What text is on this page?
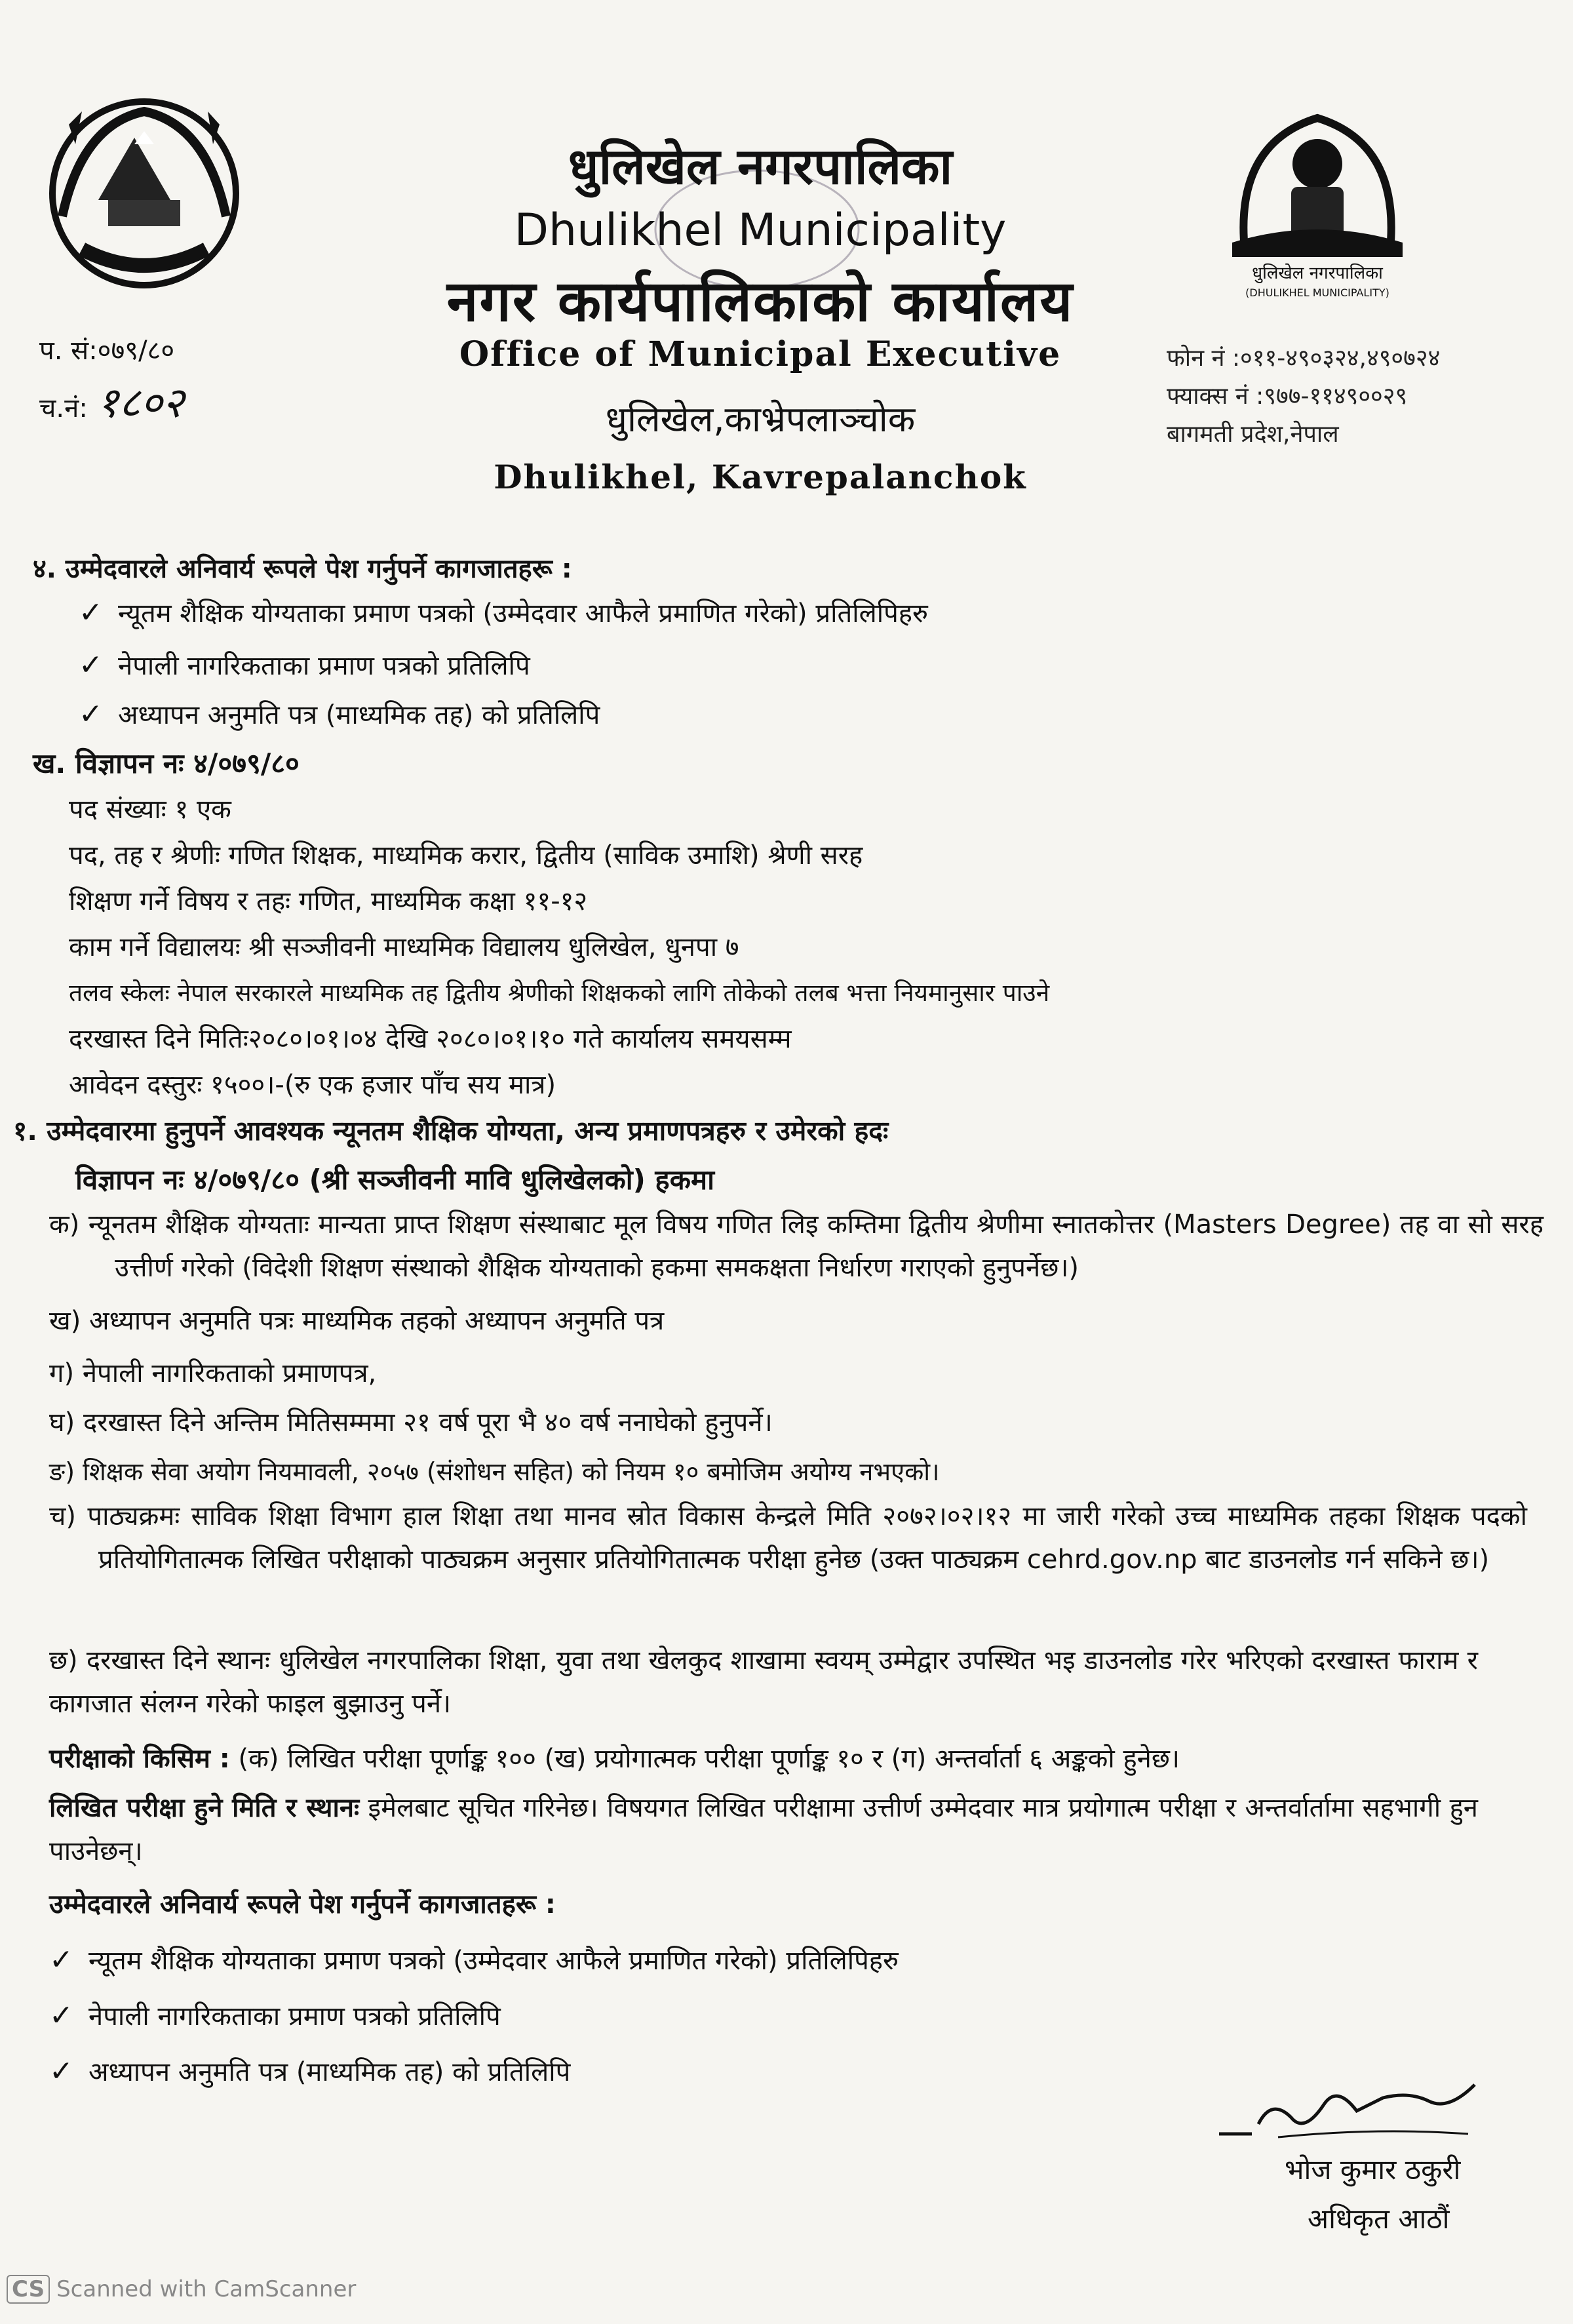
धुलिखेल नगरपालिका
(DHULIKHEL MUNICIPALITY)
धुलिखेल नगरपालिका
Dhulikhel Municipality
नगर कार्यपालिकाको कार्यालय
Office of Municipal Executive
धुलिखेल,काभ्रेपलाञ्चोक
Dhulikhel, Kavrepalanchok
प. सं:०७९/८०
च.नं: १८०२
फोन नं :०११-४९०३२४,४९०७२४
फ्याक्स नं :९७७-११४९००२९
बागमती प्रदेश,नेपाल
४. उम्मेदवारले अनिवार्य रूपले पेश गर्नुपर्ने कागजातहरू :
✓ न्यूतम शैक्षिक योग्यताका प्रमाण पत्रको (उम्मेदवार आफैले प्रमाणित गरेको) प्रतिलिपिहरु
✓ नेपाली नागरिकताका प्रमाण पत्रको प्रतिलिपि
✓ अध्यापन अनुमति पत्र (माध्यमिक तह) को प्रतिलिपि
ख. विज्ञापन नः ४/०७९/८०
पद संख्याः १ एक
पद, तह र श्रेणीः गणित शिक्षक, माध्यमिक करार, द्वितीय (साविक उमाशि) श्रेणी सरह
शिक्षण गर्ने विषय र तहः गणित, माध्यमिक कक्षा ११-१२
काम गर्ने विद्यालयः श्री सञ्जीवनी माध्यमिक विद्यालय धुलिखेल, धुनपा ७
तलव स्केलः नेपाल सरकारले माध्यमिक तह द्वितीय श्रेणीको शिक्षकको लागि तोकेको तलब भत्ता नियमानुसार पाउने
दरखास्त दिने मितिः२०८०।०१।०४ देखि २०८०।०१।१० गते कार्यालय समयसम्म
आवेदन दस्तुरः १५००।-(रु एक हजार पाँच सय मात्र)
१. उम्मेदवारमा हुनुपर्ने आवश्यक न्यूनतम शैक्षिक योग्यता, अन्य प्रमाणपत्रहरु र उमेरको हदः
विज्ञापन नः ४/०७९/८० (श्री सञ्जीवनी मावि धुलिखेलको) हकमा
क) न्यूनतम शैक्षिक योग्यताः मान्यता प्राप्त शिक्षण संस्थाबाट मूल विषय गणित लिइ कम्तिमा द्वितीय श्रेणीमा स्नातकोत्तर (Masters Degree) तह वा सो सरह उत्तीर्ण गरेको (विदेशी शिक्षण संस्थाको शैक्षिक योग्यताको हकमा समकक्षता निर्धारण गराएको हुनुपर्नेछ।)
ख) अध्यापन अनुमति पत्रः माध्यमिक तहको अध्यापन अनुमति पत्र
ग) नेपाली नागरिकताको प्रमाणपत्र,
घ) दरखास्त दिने अन्तिम मितिसम्ममा २१ वर्ष पूरा भै ४० वर्ष ननाघेको हुनुपर्ने।
ङ) शिक्षक सेवा अयोग नियमावली, २०५७ (संशोधन सहित) को नियम १० बमोजिम अयोग्य नभएको।
च) पाठ्यक्रमः साविक शिक्षा विभाग हाल शिक्षा तथा मानव स्रोत विकास केन्द्रले मिति २०७२।०२।१२ मा जारी गरेको उच्च माध्यमिक तहका शिक्षक पदको प्रतियोगितात्मक लिखित परीक्षाको पाठ्यक्रम अनुसार प्रतियोगितात्मक परीक्षा हुनेछ (उक्त पाठ्यक्रम cehrd.gov.np बाट डाउनलोड गर्न सकिने छ।)
छ) दरखास्त दिने स्थानः धुलिखेल नगरपालिका शिक्षा, युवा तथा खेलकुद शाखामा स्वयम् उम्मेद्वार उपस्थित भइ डाउनलोड गरेर भरिएको दरखास्त फाराम र कागजात संलग्न गरेको फाइल बुझाउनु पर्ने।
परीक्षाको किसिम : (क) लिखित परीक्षा पूर्णाङ्क १०० (ख) प्रयोगात्मक परीक्षा पूर्णाङ्क १० र (ग) अन्तर्वार्ता ६ अङ्कको हुनेछ।
लिखित परीक्षा हुने मिति र स्थानः इमेलबाट सूचित गरिनेछ। विषयगत लिखित परीक्षामा उत्तीर्ण उम्मेदवार मात्र प्रयोगात्म परीक्षा र अन्तर्वार्तामा सहभागी हुन पाउनेछन्।
उम्मेदवारले अनिवार्य रूपले पेश गर्नुपर्ने कागजातहरू :
✓ न्यूतम शैक्षिक योग्यताका प्रमाण पत्रको (उम्मेदवार आफैले प्रमाणित गरेको) प्रतिलिपिहरु
✓ नेपाली नागरिकताका प्रमाण पत्रको प्रतिलिपि
✓ अध्यापन अनुमति पत्र (माध्यमिक तह) को प्रतिलिपि
भोज कुमार ठकुरी
अधिकृत आठौं
CS Scanned with CamScanner
